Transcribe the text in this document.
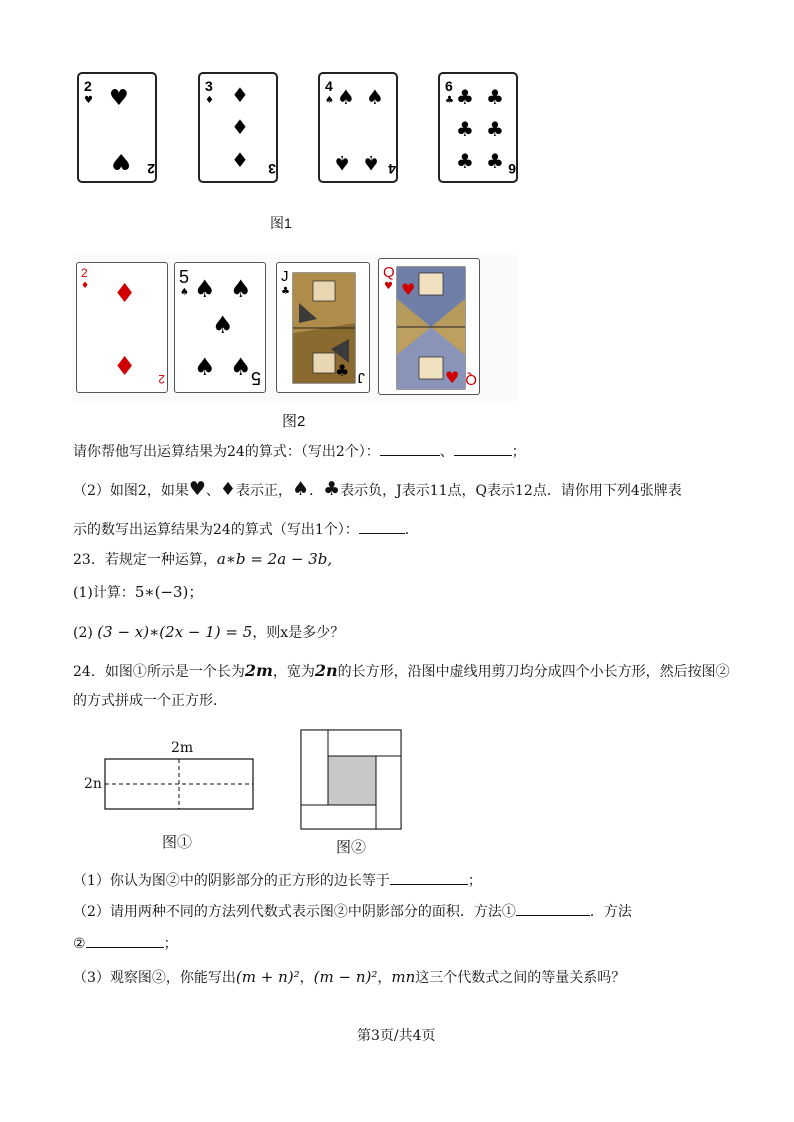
2
♥ ♥
♥ 2
3
♦ ♦
♦
♦ 3
4
♠ ♠ ♠
♠ ♠ 4
6
♣ ♣ ♣
♣ ♣
♣ ♣ 6
图1
2
♦ ♦
♦ 2
5
♠ ♠ ♠
♠
♠ ♠ 5
J
♣
♣ J
Q
♥ ♥
♥ Q
图2
请你帮他写出运算结果为24的算式：（写出2个）：	、	；
（2）如图2，如果♥、♦表示正，♠．♣表示负，J表示11点，Q表示12点．请你用下列4张牌表
示的数写出运算结果为24的算式（写出1个）：	．
23．若规定一种运算，a∗b = 2a − 3b,
(1)计算：5∗(−3)；
(2) (3 − x)∗(2x − 1) = 5，则x是多少？
24．如图①所示是一个长为2m，宽为2n的长方形，沿图中虚线用剪刀均分成四个小长方形，然后按图②
的方式拼成一个正方形．
2m
2n
图①	图②
（1）你认为图②中的阴影部分的正方形的边长等于	；
（2）请用两种不同的方法列代数式表示图②中阴影部分的面积．方法①	．方法
②	；
（3）观察图②，你能写出(m + n)²，(m − n)²，mn这三个代数式之间的等量关系吗？
第3页/共4页
